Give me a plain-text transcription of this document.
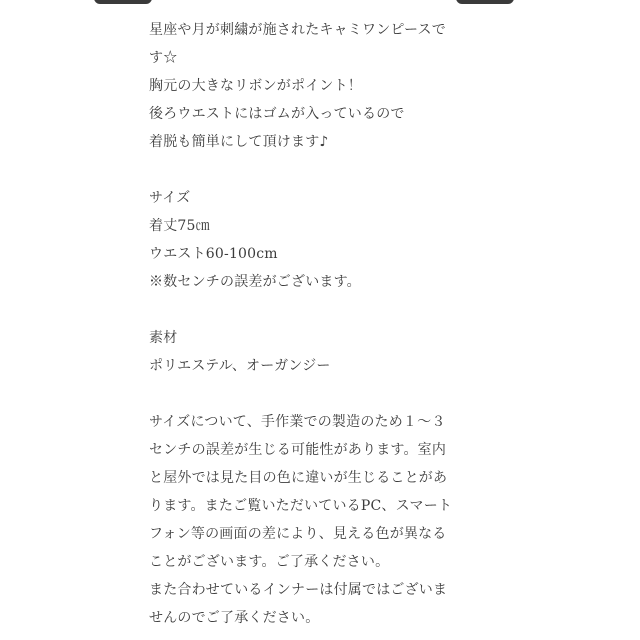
星座や月が刺繍が施されたキャミワンピースで
す☆
胸元の大きなリボンがポイント！
後ろウエストにはゴムが入っているので
着脱も簡単にして頂けます♪
サイズ
着丈75㎝
ウエスト60-100cm
※数センチの誤差がございます。
素材
ポリエステル、オーガンジー
サイズについて、手作業での製造のため１～３
センチの誤差が生じる可能性があります。室内
と屋外では見た目の色に違いが生じることがあ
ります。またご覧いただいているPC、スマート
フォン等の画面の差により、見える色が異なる
ことがございます。ご了承ください。
また合わせているインナーは付属ではございま
せんのでご了承ください。
